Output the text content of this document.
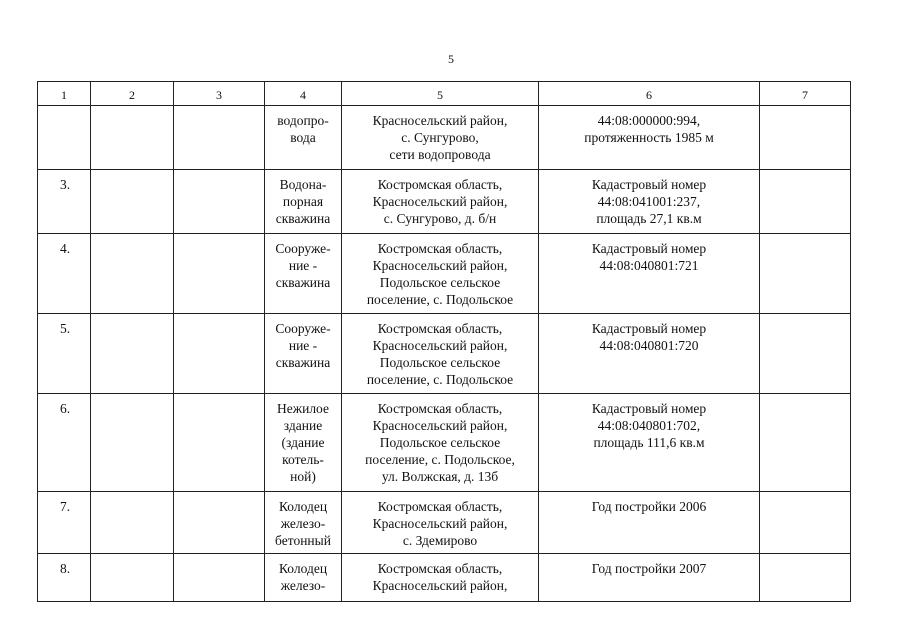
5
1	2	3	4	5	6	7
			водопро-
вода	Красносельский район,
с. Сунгурово,
сети водопровода	44:08:000000:994,
протяженность 1985 м	
3.			Водона-
порная
скважина	Костромская область,
Красносельский район,
с. Сунгурово, д. б/н	Кадастровый номер
44:08:041001:237,
площадь 27,1 кв.м	
4.			Сооруже-
ние -
скважина	Костромская область,
Красносельский район,
Подольское сельское
поселение, с. Подольское	Кадастровый номер
44:08:040801:721	
5.			Сооруже-
ние -
скважина	Костромская область,
Красносельский район,
Подольское сельское
поселение, с. Подольское	Кадастровый номер
44:08:040801:720	
6.			Нежилое
здание
(здание
котель-
ной)	Костромская область,
Красносельский район,
Подольское сельское
поселение, с. Подольское,
ул. Волжская, д. 13б	Кадастровый номер
44:08:040801:702,
площадь 111,6 кв.м	
7.			Колодец
железо-
бетонный	Костромская область,
Красносельский район,
с. Здемирово	Год постройки 2006	
8.			Колодец
железо-	Костромская область,
Красносельский район,	Год постройки 2007	
